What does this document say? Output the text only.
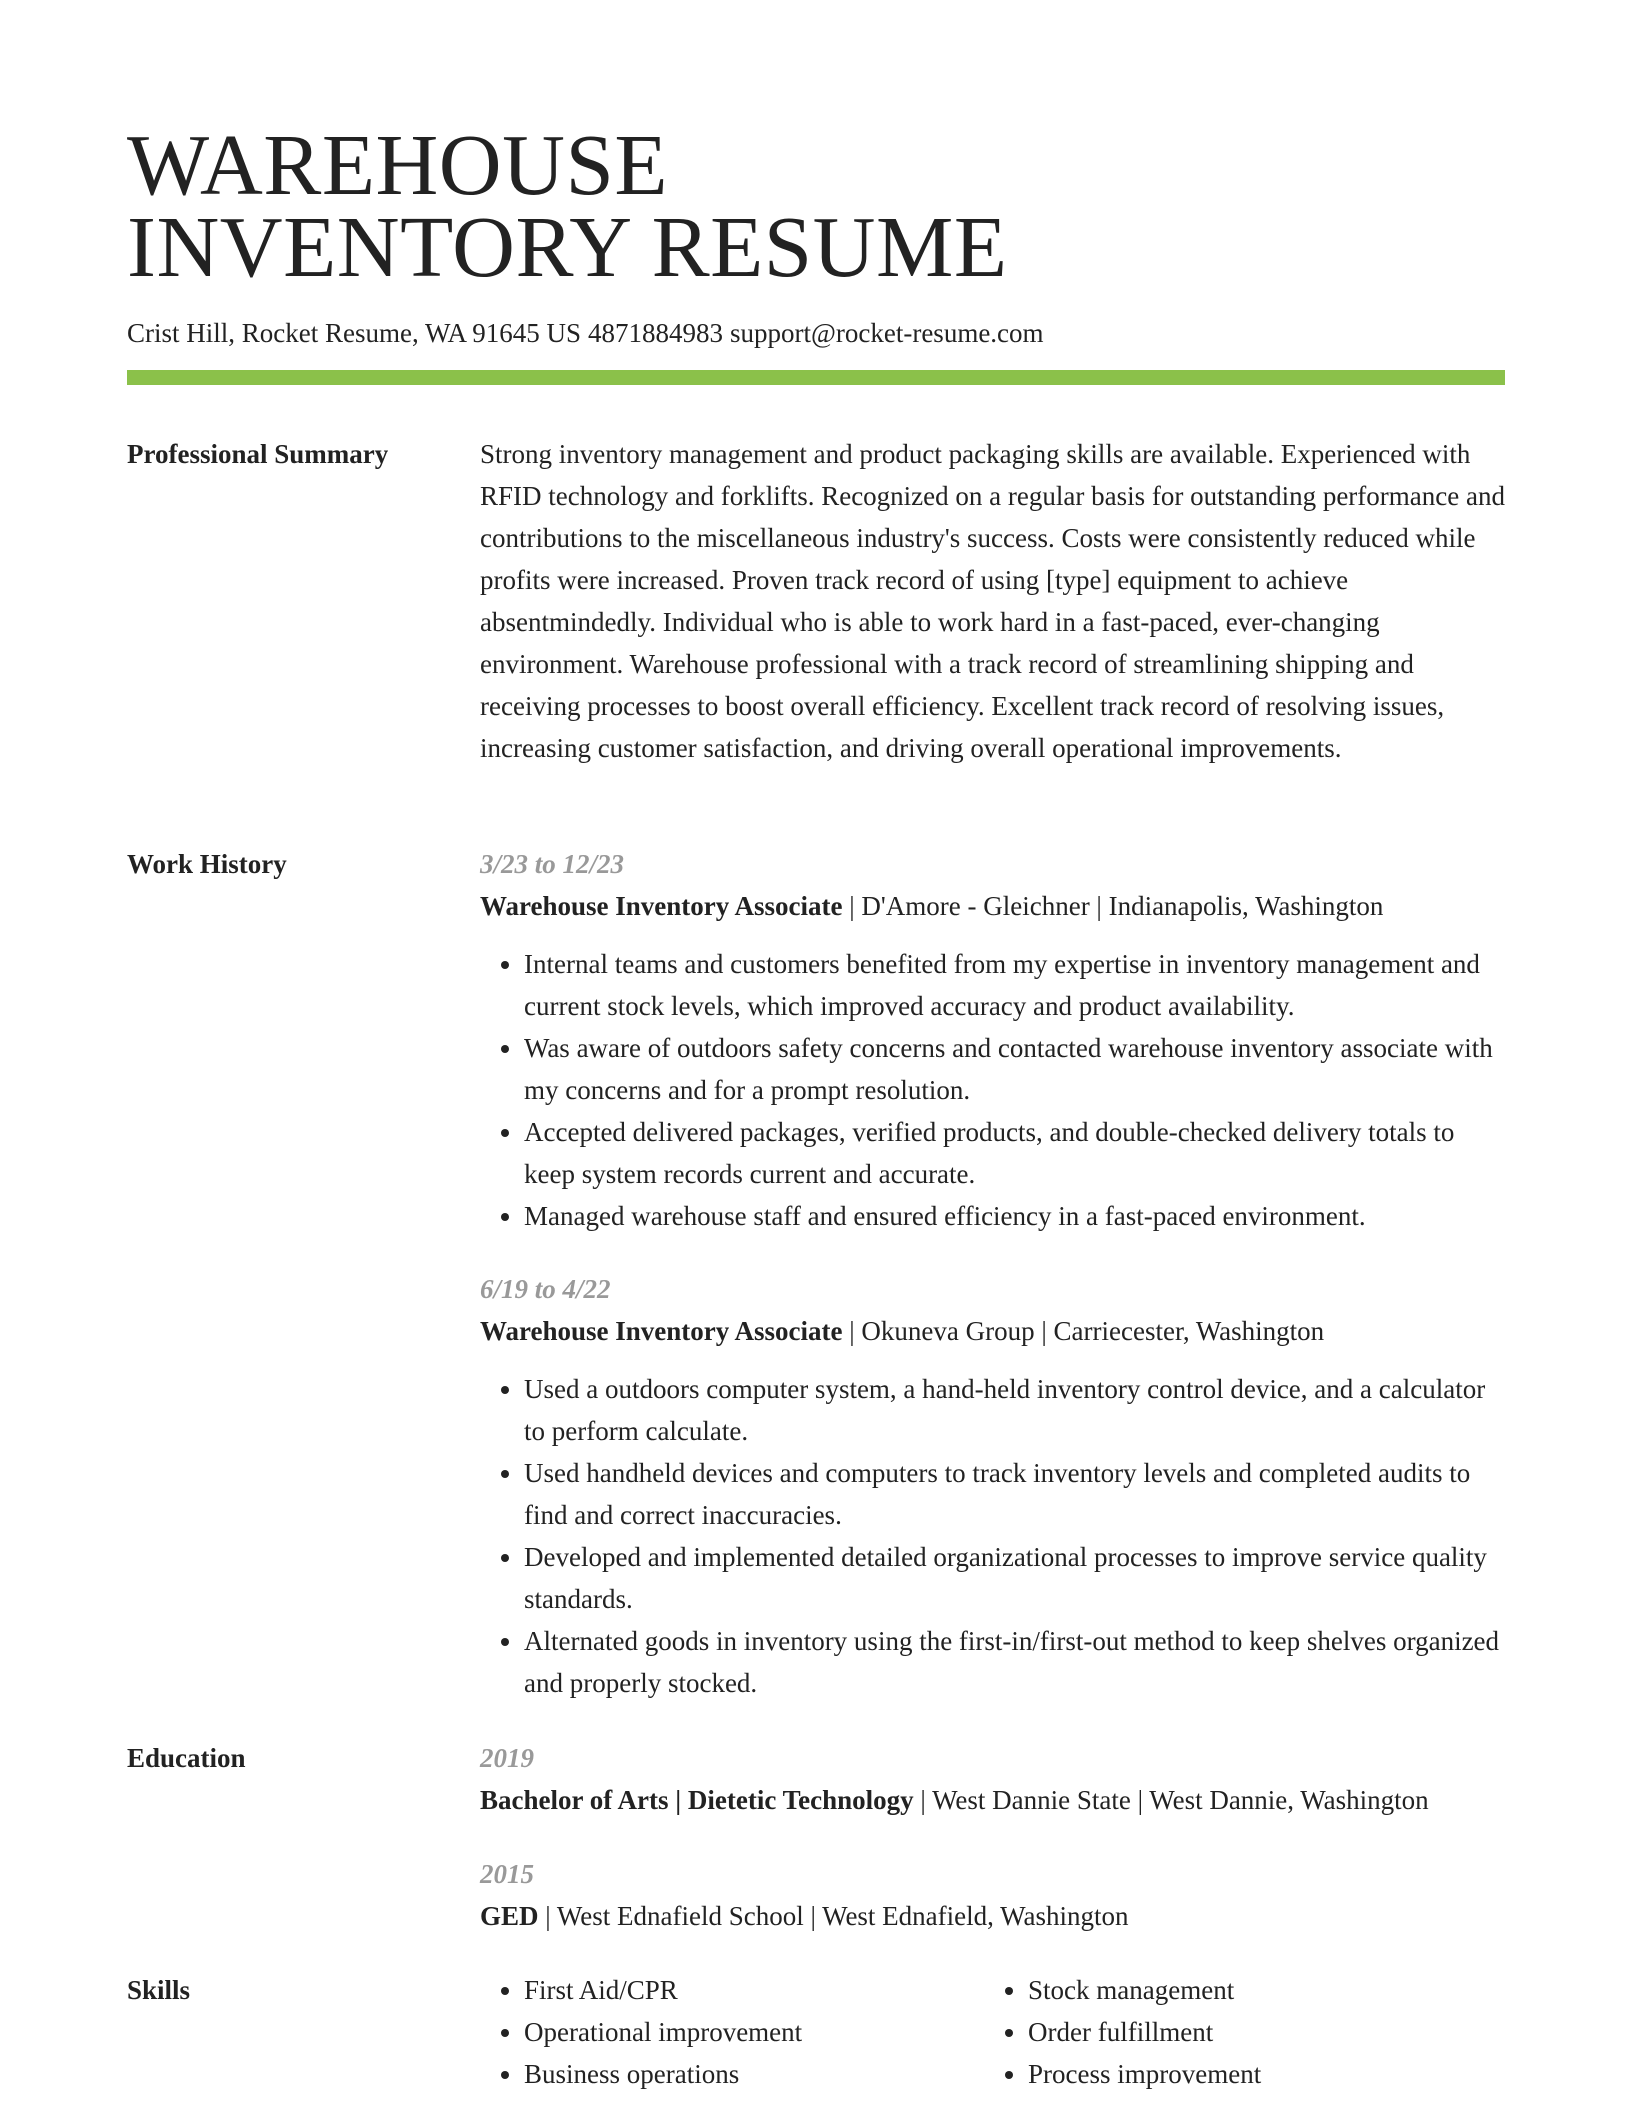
WAREHOUSE
INVENTORY RESUME
Crist Hill, Rocket Resume, WA 91645 US 4871884983 support@rocket-resume.com
Professional Summary	Strong inventory management and product packaging skills are available. Experienced with RFID technology and forklifts. Recognized on a regular basis for outstanding performance and contributions to the miscellaneous industry's success. Costs were consistently reduced while profits were increased. Proven track record of using [type] equipment to achieve absentmindedly. Individual who is able to work hard in a fast-paced, ever-changing environment. Warehouse professional with a track record of streamlining shipping and receiving processes to boost overall efficiency. Excellent track record of resolving issues, increasing customer satisfaction, and driving overall operational improvements.

Work History	3/23 to 12/23
Warehouse Inventory Associate | D'Amore - Gleichner | Indianapolis, Washington
• Internal teams and customers benefited from my expertise in inventory management and current stock levels, which improved accuracy and product availability.
• Was aware of outdoors safety concerns and contacted warehouse inventory associate with my concerns and for a prompt resolution.
• Accepted delivered packages, verified products, and double-checked delivery totals to keep system records current and accurate.
• Managed warehouse staff and ensured efficiency in a fast-paced environment.
6/19 to 4/22
Warehouse Inventory Associate | Okuneva Group | Carriecester, Washington
• Used a outdoors computer system, a hand-held inventory control device, and a calculator to perform calculate.
• Used handheld devices and computers to track inventory levels and completed audits to find and correct inaccuracies.
• Developed and implemented detailed organizational processes to improve service quality standards.
• Alternated goods in inventory using the first-in/first-out method to keep shelves organized and properly stocked.
Education	2019
Bachelor of Arts | Dietetic Technology | West Dannie State | West Dannie, Washington
2015
GED | West Ednafield School | West Ednafield, Washington
Skills
•	First Aid/CPR
• Operational improvement
• Business operations
• Stock management
• Order fulfillment
• Process improvement
